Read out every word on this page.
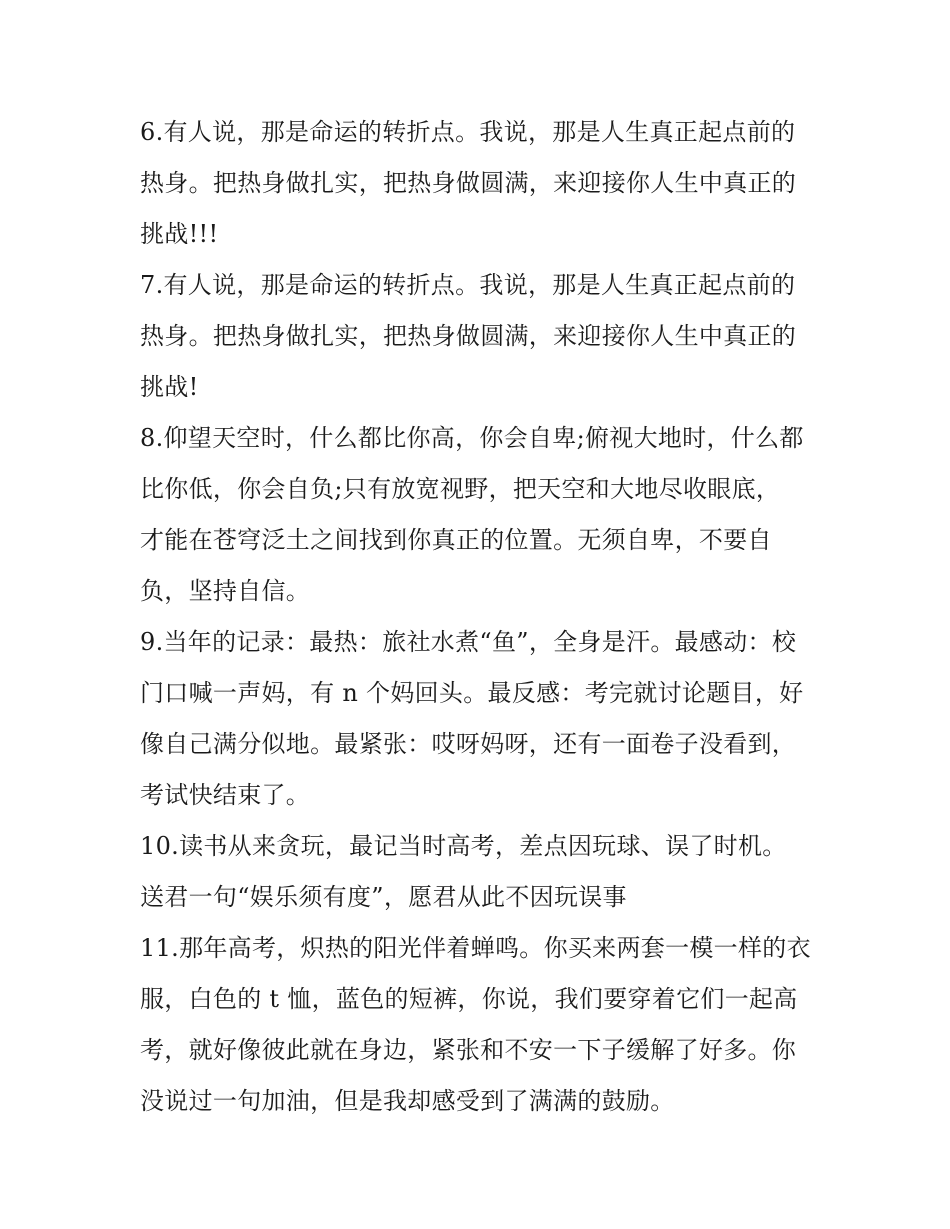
6.有人说，那是命运的转折点。我说，那是人生真正起点前的
热身。把热身做扎实，把热身做圆满，来迎接你人生中真正的
挑战!!!
7.有人说，那是命运的转折点。我说，那是人生真正起点前的
热身。把热身做扎实，把热身做圆满，来迎接你人生中真正的
挑战!
8.仰望天空时，什么都比你高，你会自卑;俯视大地时，什么都
比你低，你会自负;只有放宽视野，把天空和大地尽收眼底，
才能在苍穹泛土之间找到你真正的位置。无须自卑，不要自
负，坚持自信。
9.当年的记录：最热：旅社水煮“鱼”，全身是汗。最感动：校
门口喊一声妈，有 n 个妈回头。最反感：考完就讨论题目，好
像自己满分似地。最紧张：哎呀妈呀，还有一面卷子没看到，
考试快结束了。
10.读书从来贪玩，最记当时高考，差点因玩球、误了时机。
送君一句“娱乐须有度”，愿君从此不因玩误事
11.那年高考，炽热的阳光伴着蝉鸣。你买来两套一模一样的衣
服，白色的 t 恤，蓝色的短裤，你说，我们要穿着它们一起高
考，就好像彼此就在身边，紧张和不安一下子缓解了好多。你
没说过一句加油，但是我却感受到了满满的鼓励。
